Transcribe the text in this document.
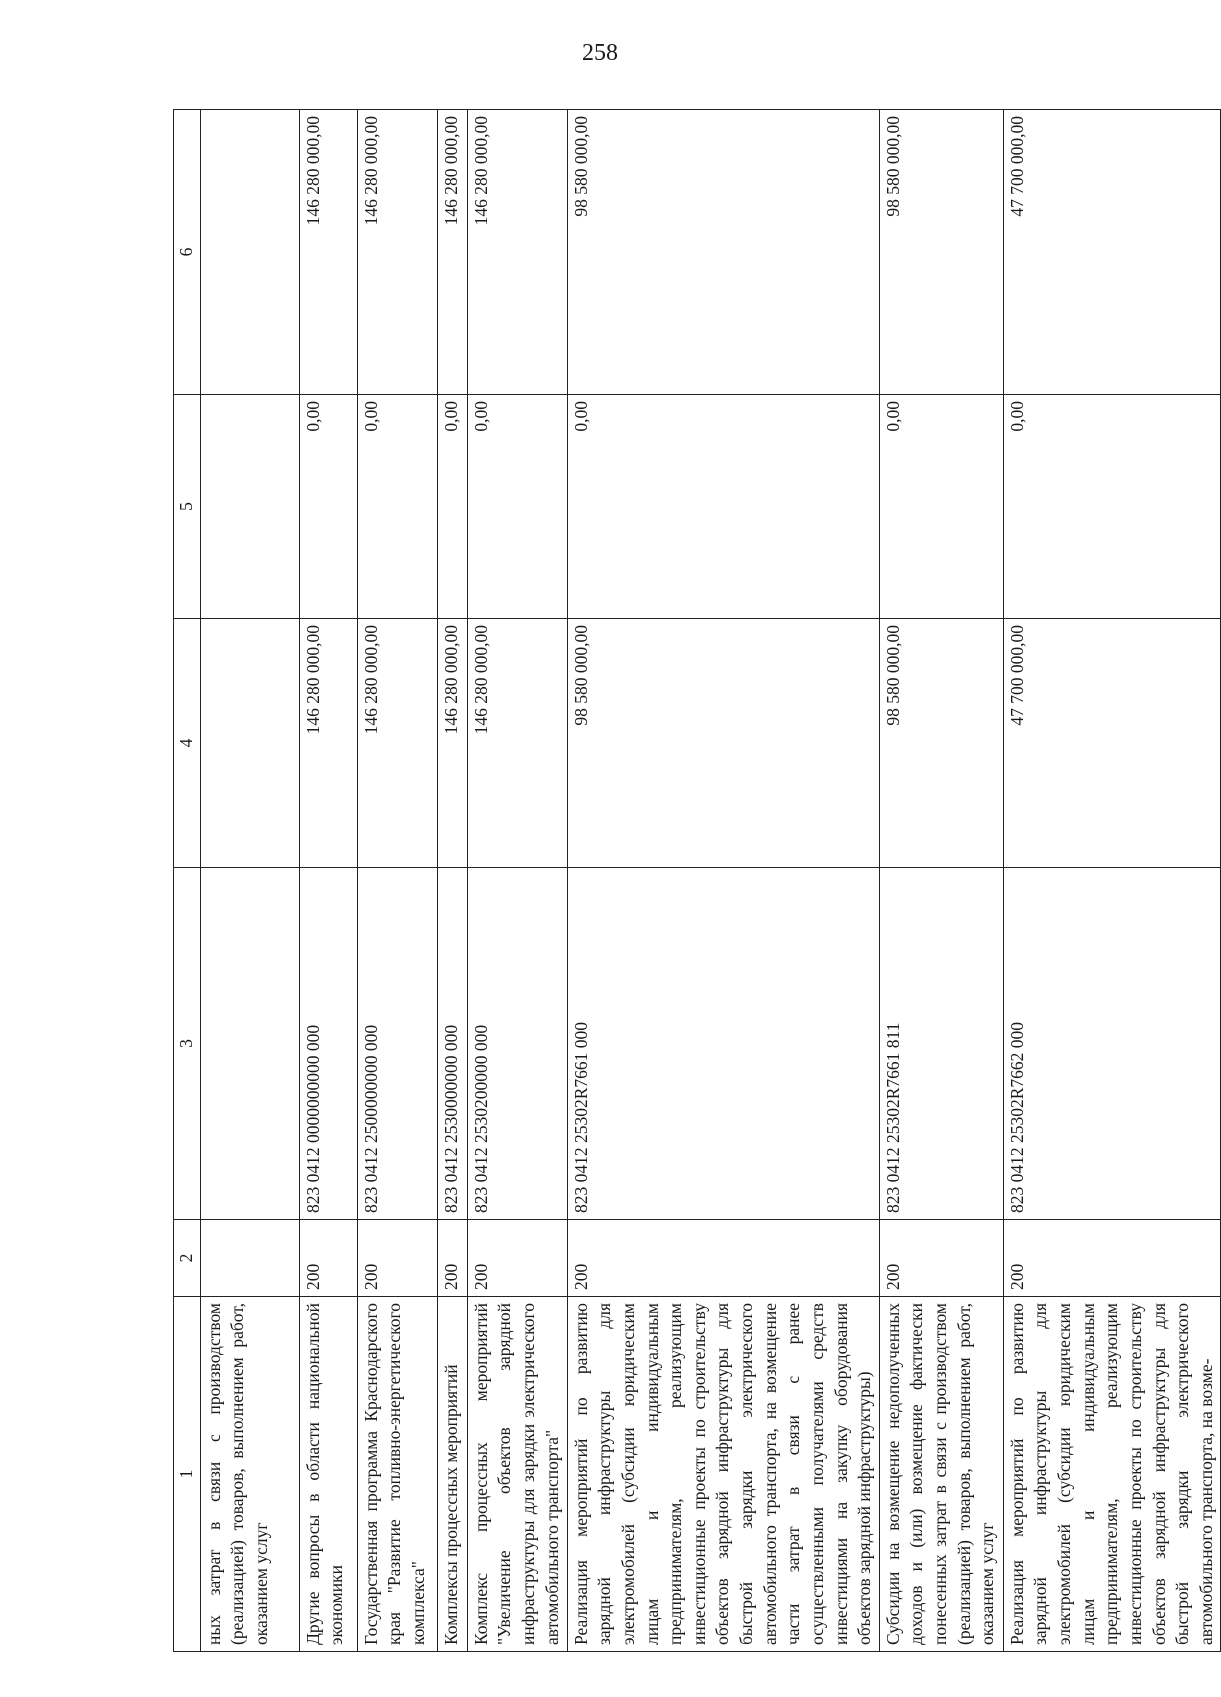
258
1	2	3	4	5	6
ных затрат в связи с производством (реализацией) товаров, выполнением работ, оказанием услуг					
Другие вопросы в области национальной экономики	200	823 0412 0000000000 000	146 280 000,00	0,00	146 280 000,00
Государственная программа Краснодарского края "Развитие топливно-энергетического комплекса"	200	823 0412 2500000000 000	146 280 000,00	0,00	146 280 000,00
Комплексы процессных мероприятий	200	823 0412 2530000000 000	146 280 000,00	0,00	146 280 000,00
Комплекс процессных мероприятий "Увеличение объектов зарядной инфраструктуры для зарядки электрического автомобильного транспорта"	200	823 0412 2530200000 000	146 280 000,00	0,00	146 280 000,00
Реализация мероприятий по развитию зарядной инфраструктуры для электромобилей (субсидии юридическим лицам и индивидуальным предпринимателям, реализующим инвестиционные проекты по строительству объектов зарядной инфраструктуры для быстрой зарядки электрического автомобильного транспорта, на возмещение части затрат в связи с ранее осуществленными получателями средств инвестициями на закупку оборудования объектов зарядной инфраструктуры)	200	823 0412 25302R7661 000	98 580 000,00	0,00	98 580 000,00
Субсидии на возмещение недополученных доходов и (или) возмещение фактически понесенных затрат в связи с производством (реализацией) товаров, выполнением работ, оказанием услуг	200	823 0412 25302R7661 811	98 580 000,00	0,00	98 580 000,00
Реализация мероприятий по развитию зарядной инфраструктуры для электромобилей (субсидии юридическим лицам и индивидуальным предпринимателям, реализующим инвестиционные проекты по строительству объектов зарядной инфраструктуры для быстрой зарядки электрического автомобильного транспорта, на возме-	200	823 0412 25302R7662 000	47 700 000,00	0,00	47 700 000,00
